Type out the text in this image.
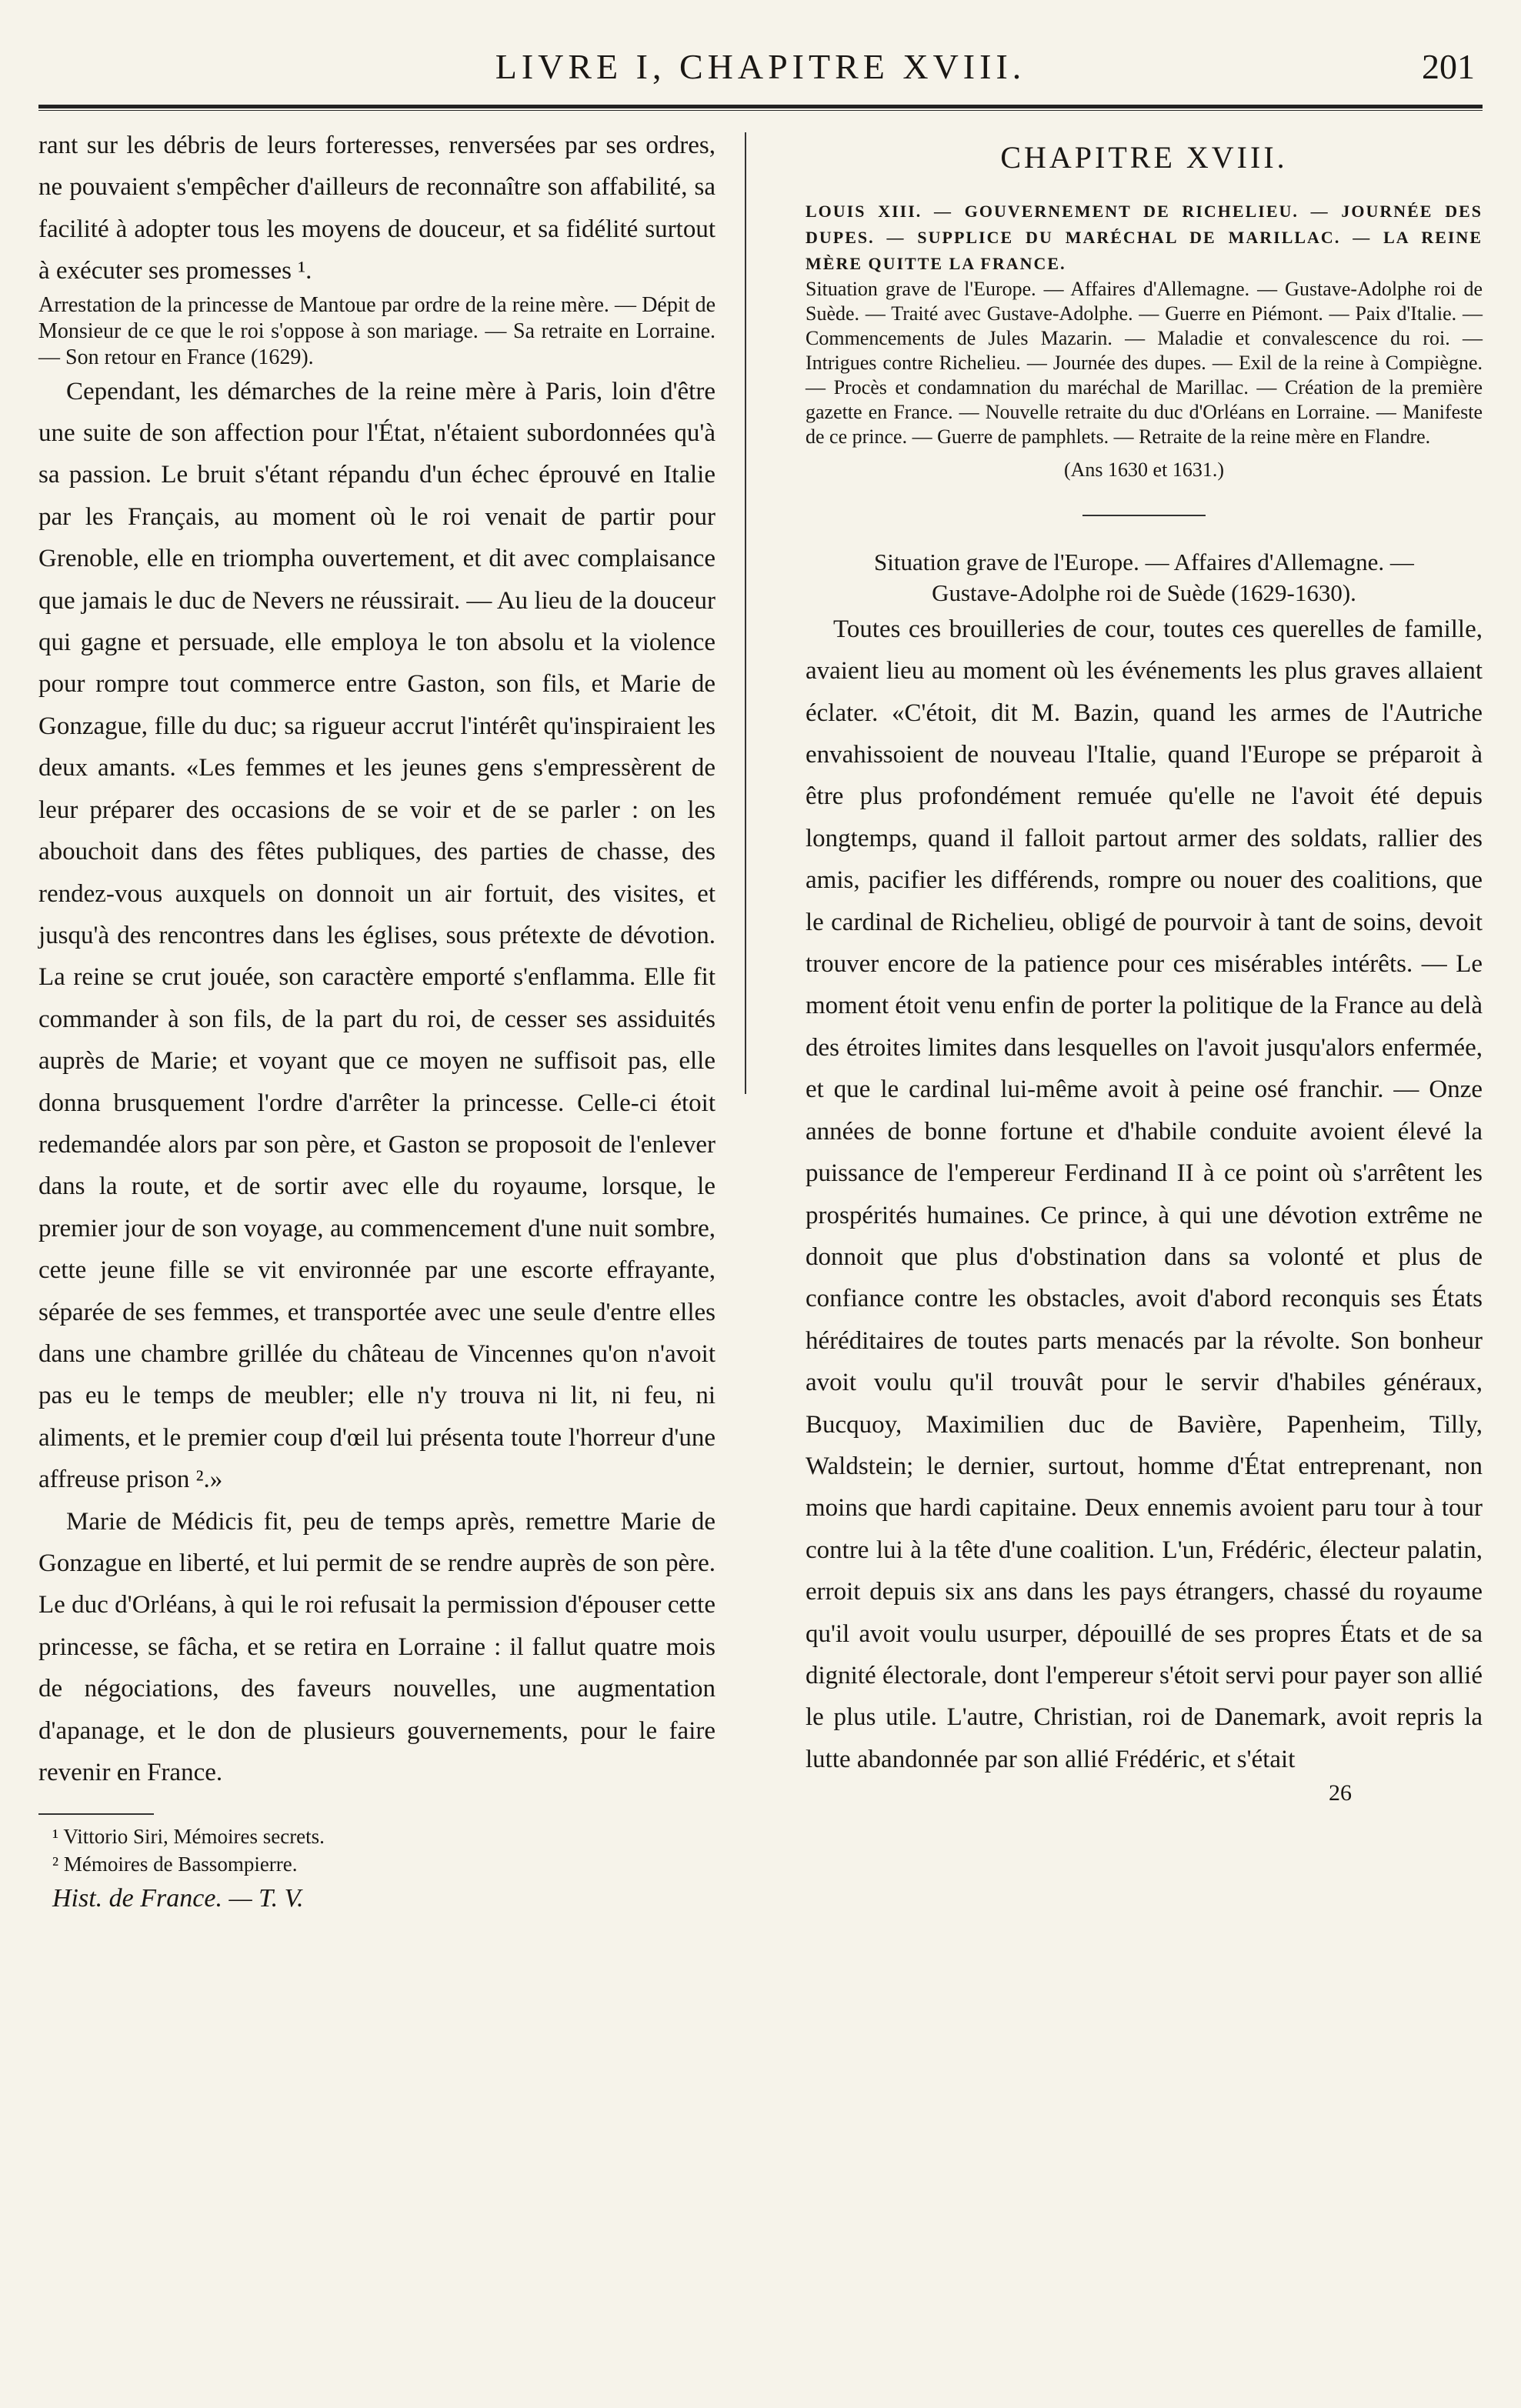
LIVRE I, CHAPITRE XVIII.	201

rant sur les débris de leurs forteresses, renversées par ses ordres, ne pouvaient s'empêcher d'ailleurs de reconnaître son affabilité, sa facilité à adopter tous les moyens de douceur, et sa fidélité surtout à exécuter ses promesses ¹.

Arrestation de la princesse de Mantoue par ordre de la reine mère. — Dépit de Monsieur de ce que le roi s'oppose à son mariage. — Sa retraite en Lorraine. — Son retour en France (1629).

Cependant, les démarches de la reine mère à Paris, loin d'être une suite de son affection pour l'État, n'étaient subordonnées qu'à sa passion. Le bruit s'étant répandu d'un échec éprouvé en Italie par les Français, au moment où le roi venait de partir pour Grenoble, elle en triompha ouvertement, et dit avec complaisance que jamais le duc de Nevers ne réussirait. — Au lieu de la douceur qui gagne et persuade, elle employa le ton absolu et la violence pour rompre tout commerce entre Gaston, son fils, et Marie de Gonzague, fille du duc; sa rigueur accrut l'intérêt qu'inspiraient les deux amants. «Les femmes et les jeunes gens s'empressèrent de leur préparer des occasions de se voir et de se parler : on les abouchoit dans des fêtes publiques, des parties de chasse, des rendez-vous auxquels on donnoit un air fortuit, des visites, et jusqu'à des rencontres dans les églises, sous prétexte de dévotion. La reine se crut jouée, son caractère emporté s'enflamma. Elle fit commander à son fils, de la part du roi, de cesser ses assiduités auprès de Marie; et voyant que ce moyen ne suffisoit pas, elle donna brusquement l'ordre d'arrêter la princesse. Celle-ci étoit redemandée alors par son père, et Gaston se proposoit de l'enlever dans la route, et de sortir avec elle du royaume, lorsque, le premier jour de son voyage, au commencement d'une nuit sombre, cette jeune fille se vit environnée par une escorte effrayante, séparée de ses femmes, et transportée avec une seule d'entre elles dans une chambre grillée du château de Vincennes qu'on n'avoit pas eu le temps de meubler; elle n'y trouva ni lit, ni feu, ni aliments, et le premier coup d'œil lui présenta toute l'horreur d'une affreuse prison ².»

Marie de Médicis fit, peu de temps après, remettre Marie de Gonzague en liberté, et lui permit de se rendre auprès de son père. Le duc d'Orléans, à qui le roi refusait la permission d'épouser cette princesse, se fâcha, et se retira en Lorraine : il fallut quatre mois de négociations, des faveurs nouvelles, une augmentation d'apanage, et le don de plusieurs gouvernements, pour le faire revenir en France.

¹ Vittorio Siri, Mémoires secrets.

² Mémoires de Bassompierre.

Hist. de France. — T. V.

CHAPITRE XVIII.

LOUIS XIII. — GOUVERNEMENT DE RICHELIEU. — JOURNÉE DES DUPES. — SUPPLICE DU MARÉCHAL DE MARILLAC. — LA REINE MÈRE QUITTE LA FRANCE.

Situation grave de l'Europe. — Affaires d'Allemagne. — Gustave-Adolphe roi de Suède. — Traité avec Gustave-Adolphe. — Guerre en Piémont. — Paix d'Italie. — Commencements de Jules Mazarin. — Maladie et convalescence du roi. — Intrigues contre Richelieu. — Journée des dupes. — Exil de la reine à Compiègne. — Procès et condamnation du maréchal de Marillac. — Création de la première gazette en France. — Nouvelle retraite du duc d'Orléans en Lorraine. — Manifeste de ce prince. — Guerre de pamphlets. — Retraite de la reine mère en Flandre.

(Ans 1630 et 1631.)

Situation grave de l'Europe. — Affaires d'Allemagne. —
Gustave-Adolphe roi de Suède (1629-1630).

Toutes ces brouilleries de cour, toutes ces querelles de famille, avaient lieu au moment où les événements les plus graves allaient éclater. «C'étoit, dit M. Bazin, quand les armes de l'Autriche envahissoient de nouveau l'Italie, quand l'Europe se préparoit à être plus profondément remuée qu'elle ne l'avoit été depuis longtemps, quand il falloit partout armer des soldats, rallier des amis, pacifier les différends, rompre ou nouer des coalitions, que le cardinal de Richelieu, obligé de pourvoir à tant de soins, devoit trouver encore de la patience pour ces misérables intérêts. — Le moment étoit venu enfin de porter la politique de la France au delà des étroites limites dans lesquelles on l'avoit jusqu'alors enfermée, et que le cardinal lui-même avoit à peine osé franchir. — Onze années de bonne fortune et d'habile conduite avoient élevé la puissance de l'empereur Ferdinand II à ce point où s'arrêtent les prospérités humaines. Ce prince, à qui une dévotion extrême ne donnoit que plus d'obstination dans sa volonté et plus de confiance contre les obstacles, avoit d'abord reconquis ses États héréditaires de toutes parts menacés par la révolte. Son bonheur avoit voulu qu'il trouvât pour le servir d'habiles généraux, Bucquoy, Maximilien duc de Bavière, Papenheim, Tilly, Waldstein; le dernier, surtout, homme d'État entreprenant, non moins que hardi capitaine. Deux ennemis avoient paru tour à tour contre lui à la tête d'une coalition. L'un, Frédéric, électeur palatin, erroit depuis six ans dans les pays étrangers, chassé du royaume qu'il avoit voulu usurper, dépouillé de ses propres États et de sa dignité électorale, dont l'empereur s'étoit servi pour payer son allié le plus utile. L'autre, Christian, roi de Danemark, avoit repris la lutte abandonnée par son allié Frédéric, et s'était

26
